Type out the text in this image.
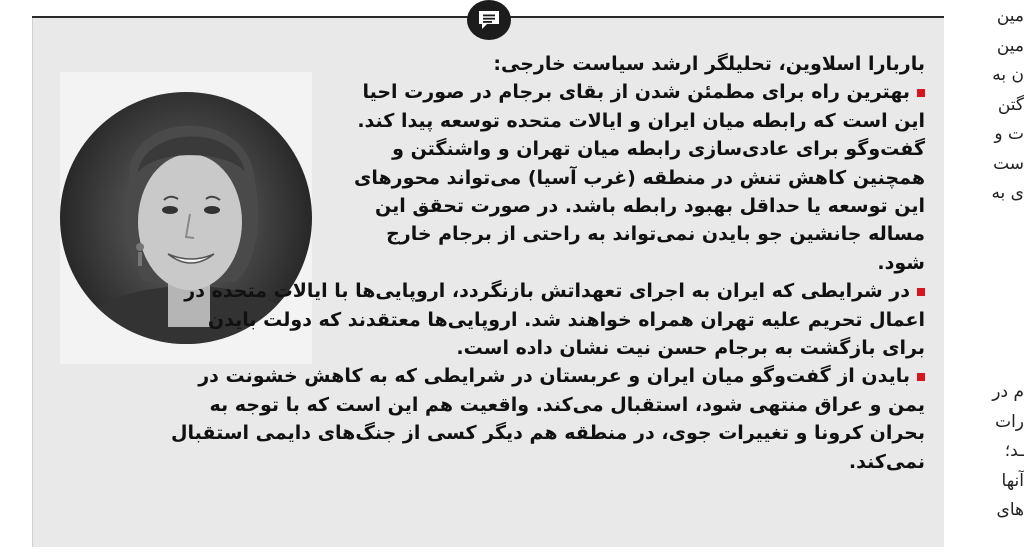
باربارا اسلاوین، تحلیلگر ارشد سیاست خارجی:

بهترین راه برای مطمئن شدن از بقای برجام در صورت احیا این است که رابطه میان ایران و ایالات متحده توسعه پیدا کند. گفت‌وگو برای عادی‌سازی رابطه میان تهران و واشنگتن و همچنین کاهش تنش در منطقه (غرب آسیا) می‌تواند محورهای این توسعه یا حداقل بهبود رابطه باشد. در صورت تحقق این مساله جانشین جو بایدن نمی‌تواند به راحتی از برجام خارج شود.

در شرایطی که ایران به اجرای تعهداتش بازنگردد، اروپایی‌ها با ایالات متحده در اعمال تحریم علیه تهران همراه خواهند شد. اروپایی‌ها معتقدند که دولت بایدن برای بازگشت به برجام حسن نیت نشان داده است.

بایدن از گفت‌وگو میان ایران و عربستان در شرایطی که به کاهش خشونت در یمن و عراق منتهی شود، استقبال می‌کند. واقعیت هم این است که با توجه به بحران کرونا و تغییرات جوی، در منطقه هم دیگر کسی از جنگ‌های دایمی استقبال نمی‌کند.

مین
مین
ن به
گتن
ت و
ست
ی به
م در
رات
ـد؛
آنها
های
